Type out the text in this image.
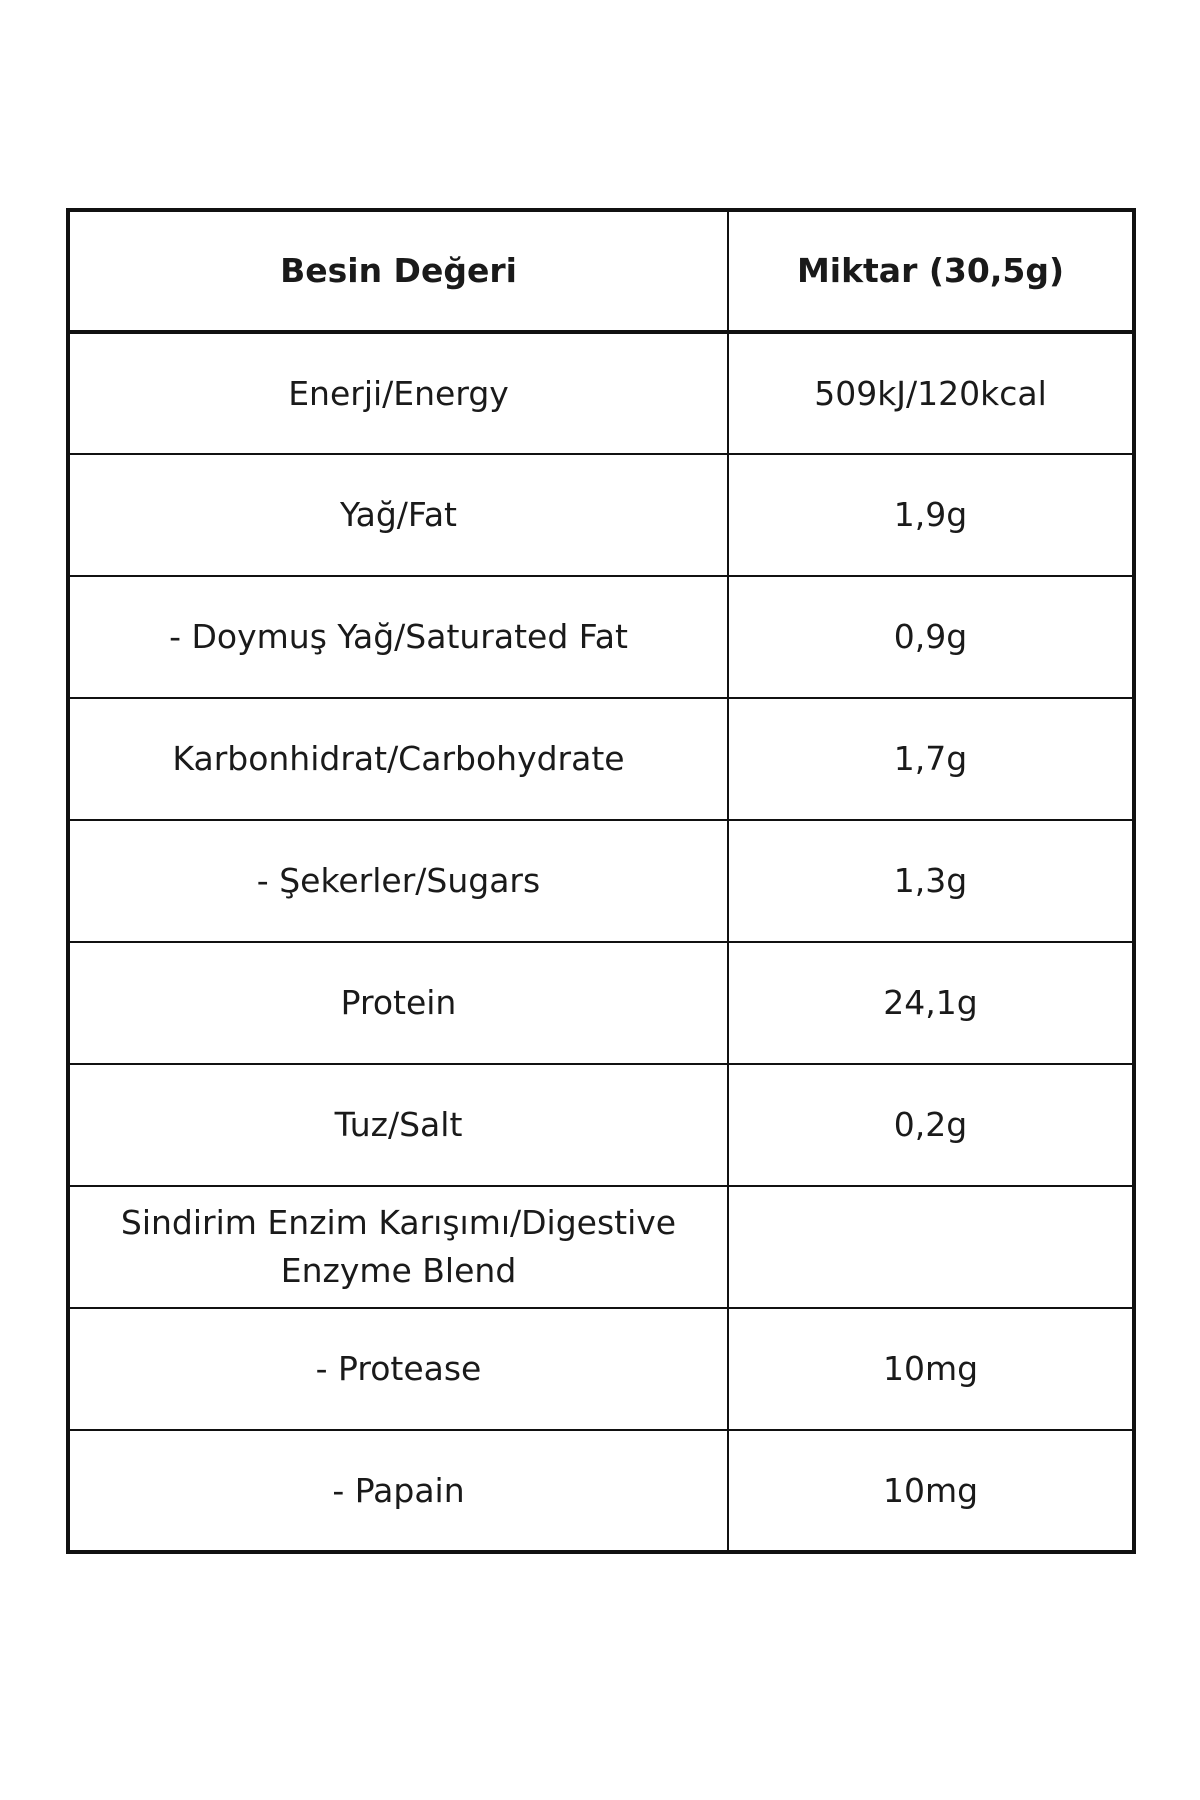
Besin Değeri	Miktar (30,5g)
Enerji/Energy	509kJ/120kcal
Yağ/Fat	1,9g
- Doymuş Yağ/Saturated Fat	0,9g
Karbonhidrat/Carbohydrate	1,7g
- Şekerler/Sugars	1,3g
Protein	24,1g
Tuz/Salt	0,2g
Sindirim Enzim Karışımı/Digestive Enzyme Blend	
- Protease	10mg
- Papain	10mg
